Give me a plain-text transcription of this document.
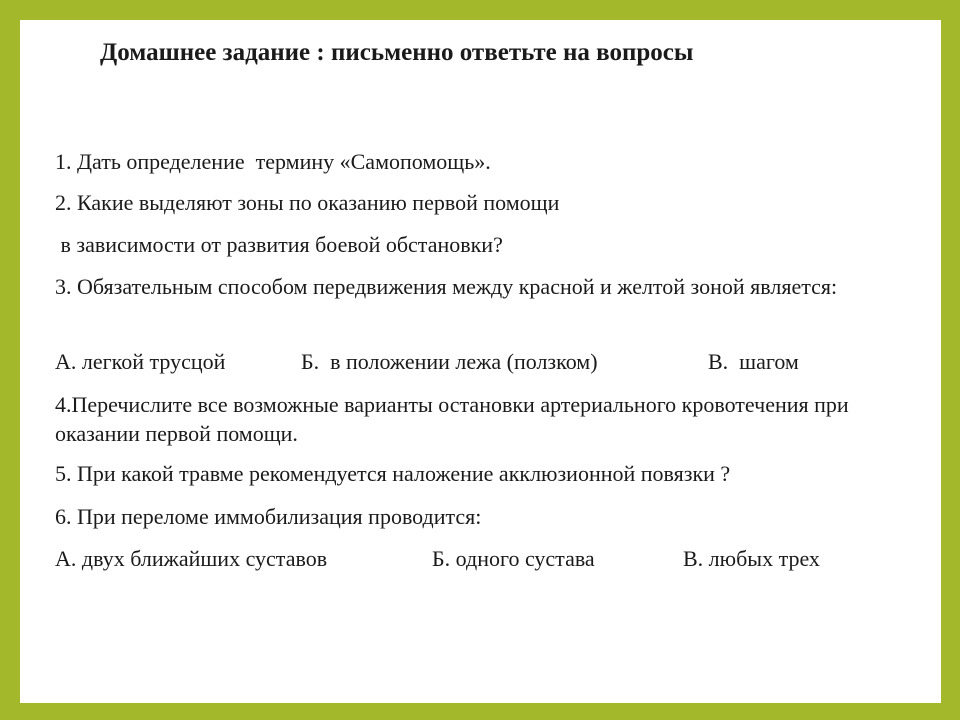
Домашнее задание : письменно ответьте на вопросы

1. Дать определение  термину «Самопомощь».

2. Какие выделяют зоны по оказанию первой помощи

в зависимости от развития боевой обстановки?

3. Обязательным способом передвижения между красной и желтой зоной является:

А. легкой трусцой	Б.  в положении лежа (ползком)	В.  шагом

4.Перечислите все возможные варианты остановки артериального кровотечения при оказании первой помощи.

5. При какой травме рекомендуется наложение акклюзионной повязки ?

6. При переломе иммобилизация проводится:

А. двух ближайших суставов	Б. одного сустава	В. любых трех
